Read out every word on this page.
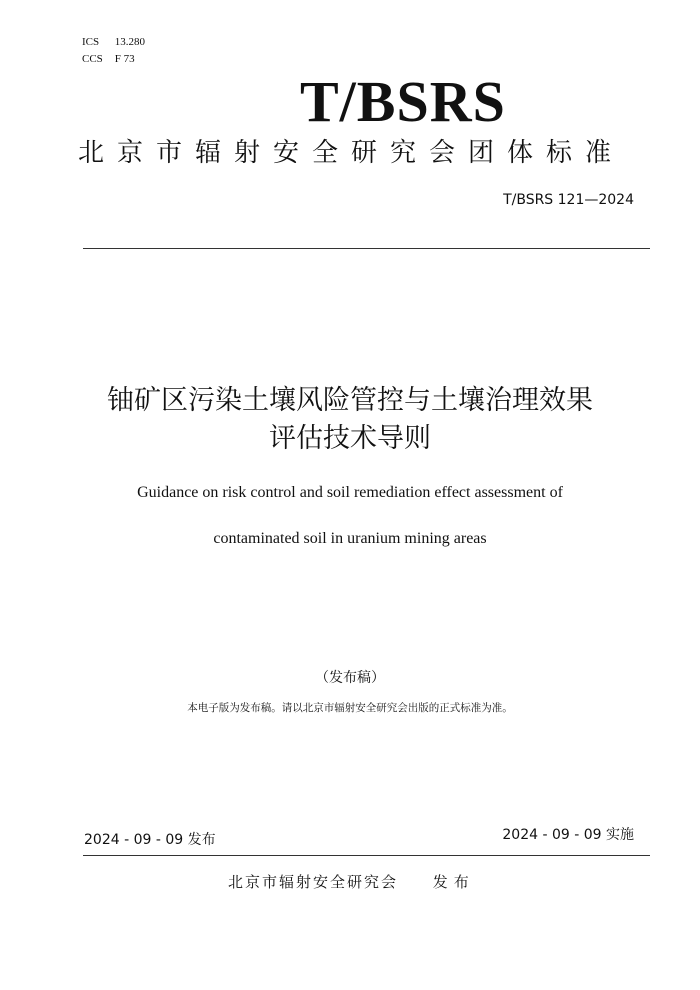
ICS 13.280
CCS F 73
T/BSRS
北京市辐射安全研究会团体标准
T/BSRS 121—2024
铀矿区污染土壤风险管控与土壤治理效果
评估技术导则
Guidance on risk control and soil remediation effect assessment of
contaminated soil in uranium mining areas
（发布稿）
本电子版为发布稿。请以北京市辐射安全研究会出版的正式标准为准。
2024 - 09 - 09 发布	2024 - 09 - 09 实施
北京市辐射安全研究会 发布
